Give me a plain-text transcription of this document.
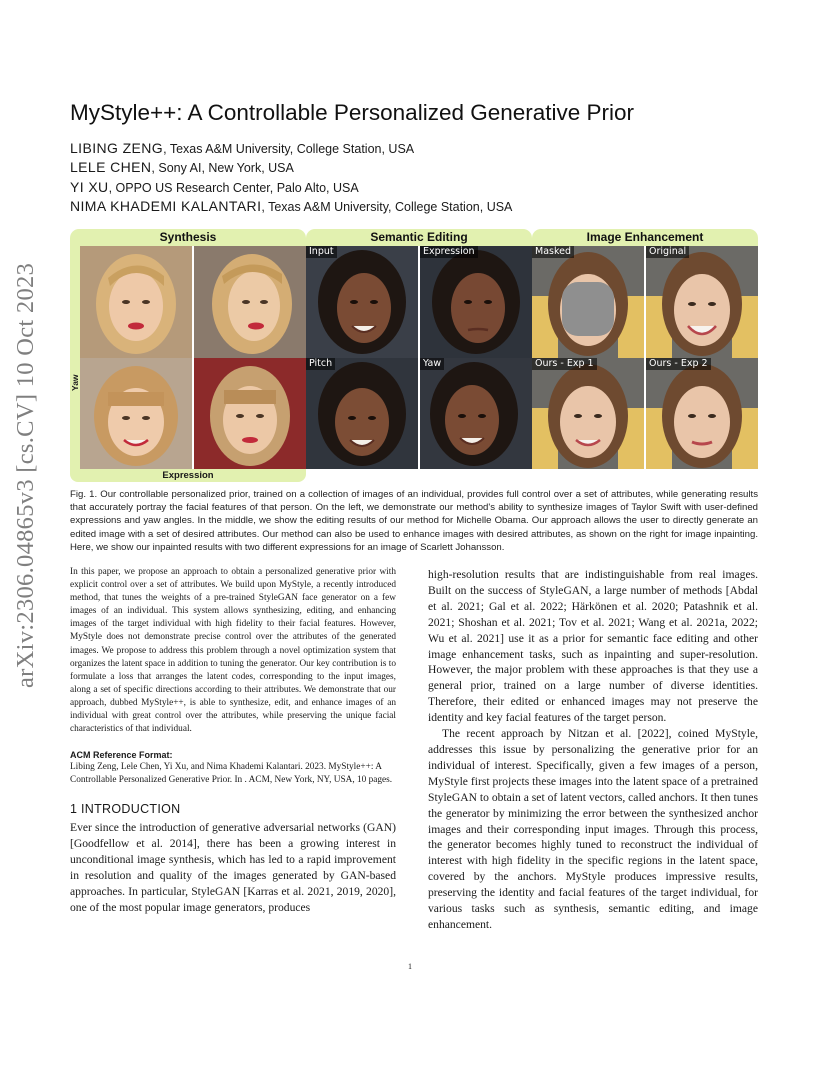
arXiv:2306.04865v3 [cs.CV] 10 Oct 2023
MyStyle++: A Controllable Personalized Generative Prior
LIBING ZENG, Texas A&M University, College Station, USA
LELE CHEN, Sony AI, New York, USA
YI XU, OPPO US Research Center, Palo Alto, USA
NIMA KHADEMI KALANTARI, Texas A&M University, College Station, USA
Synthesis	Semantic Editing	Image Enhancement
Yaw
Expression
Input	Expression
Pitch	Yaw
Masked	Original
Ours - Exp 1	Ours - Exp 2

Fig. 1. Our controllable personalized prior, trained on a collection of images of an individual, provides full control over a set of attributes, while generating results that accurately portray the facial features of that person. On the left, we demonstrate our method's ability to synthesize images of Taylor Swift with user-defined expressions and yaw angles. In the middle, we show the editing results of our method for Michelle Obama. Our approach allows the user to directly generate an edited image with a set of desired attributes. Our method can also be used to enhance images with desired attributes, as shown on the right for image inpainting. Here, we show our inpainted results with two different expressions for an image of Scarlett Johansson.

In this paper, we propose an approach to obtain a personalized generative prior with explicit control over a set of attributes. We build upon MyStyle, a recently introduced method, that tunes the weights of a pre-trained StyleGAN face generator on a few images of an individual. This system allows synthesizing, editing, and enhancing images of the target individual with high fidelity to their facial features. However, MyStyle does not demonstrate precise control over the attributes of the generated images. We propose to address this problem through a novel optimization system that organizes the latent space in addition to tuning the generator. Our key contribution is to formulate a loss that arranges the latent codes, corresponding to the input images, along a set of specific directions according to their attributes. We demonstrate that our approach, dubbed MyStyle++, is able to synthesize, edit, and enhance images of an individual with great control over the attributes, while preserving the unique facial characteristics of that individual.

ACM Reference Format:

Libing Zeng, Lele Chen, Yi Xu, and Nima Khademi Kalantari. 2023. MyStyle++: A Controllable Personalized Generative Prior. In . ACM, New York, NY, USA, 10 pages.

1 INTRODUCTION

Ever since the introduction of generative adversarial networks (GAN) [Goodfellow et al. 2014], there has been a growing interest in unconditional image synthesis, which has led to a rapid improvement in resolution and quality of the images generated by GAN-based approaches. In particular, StyleGAN [Karras et al. 2021, 2019, 2020], one of the most popular image generators, produces

high-resolution results that are indistinguishable from real images. Built on the success of StyleGAN, a large number of methods [Abdal et al. 2021; Gal et al. 2022; Härkönen et al. 2020; Patashnik et al. 2021; Shoshan et al. 2021; Tov et al. 2021; Wang et al. 2021a, 2022; Wu et al. 2021] use it as a prior for semantic face editing and other image enhancement tasks, such as inpainting and super-resolution. However, the major problem with these approaches is that they use a general prior, trained on a large number of diverse identities. Therefore, their edited or enhanced images may not preserve the identity and key facial features of the target person.

The recent approach by Nitzan et al. [2022], coined MyStyle, addresses this issue by personalizing the generative prior for an individual of interest. Specifically, given a few images of a person, MyStyle first projects these images into the latent space of a pretrained StyleGAN to obtain a set of latent vectors, called anchors. It then tunes the generator by minimizing the error between the synthesized anchor images and their corresponding input images. Through this process, the generator becomes highly tuned to reconstruct the individual of interest with high fidelity in the specific regions in the latent space, covered by the anchors. MyStyle produces impressive results, preserving the identity and facial features of the target individual, for various tasks such as synthesis, semantic editing, and image enhancement.

1
